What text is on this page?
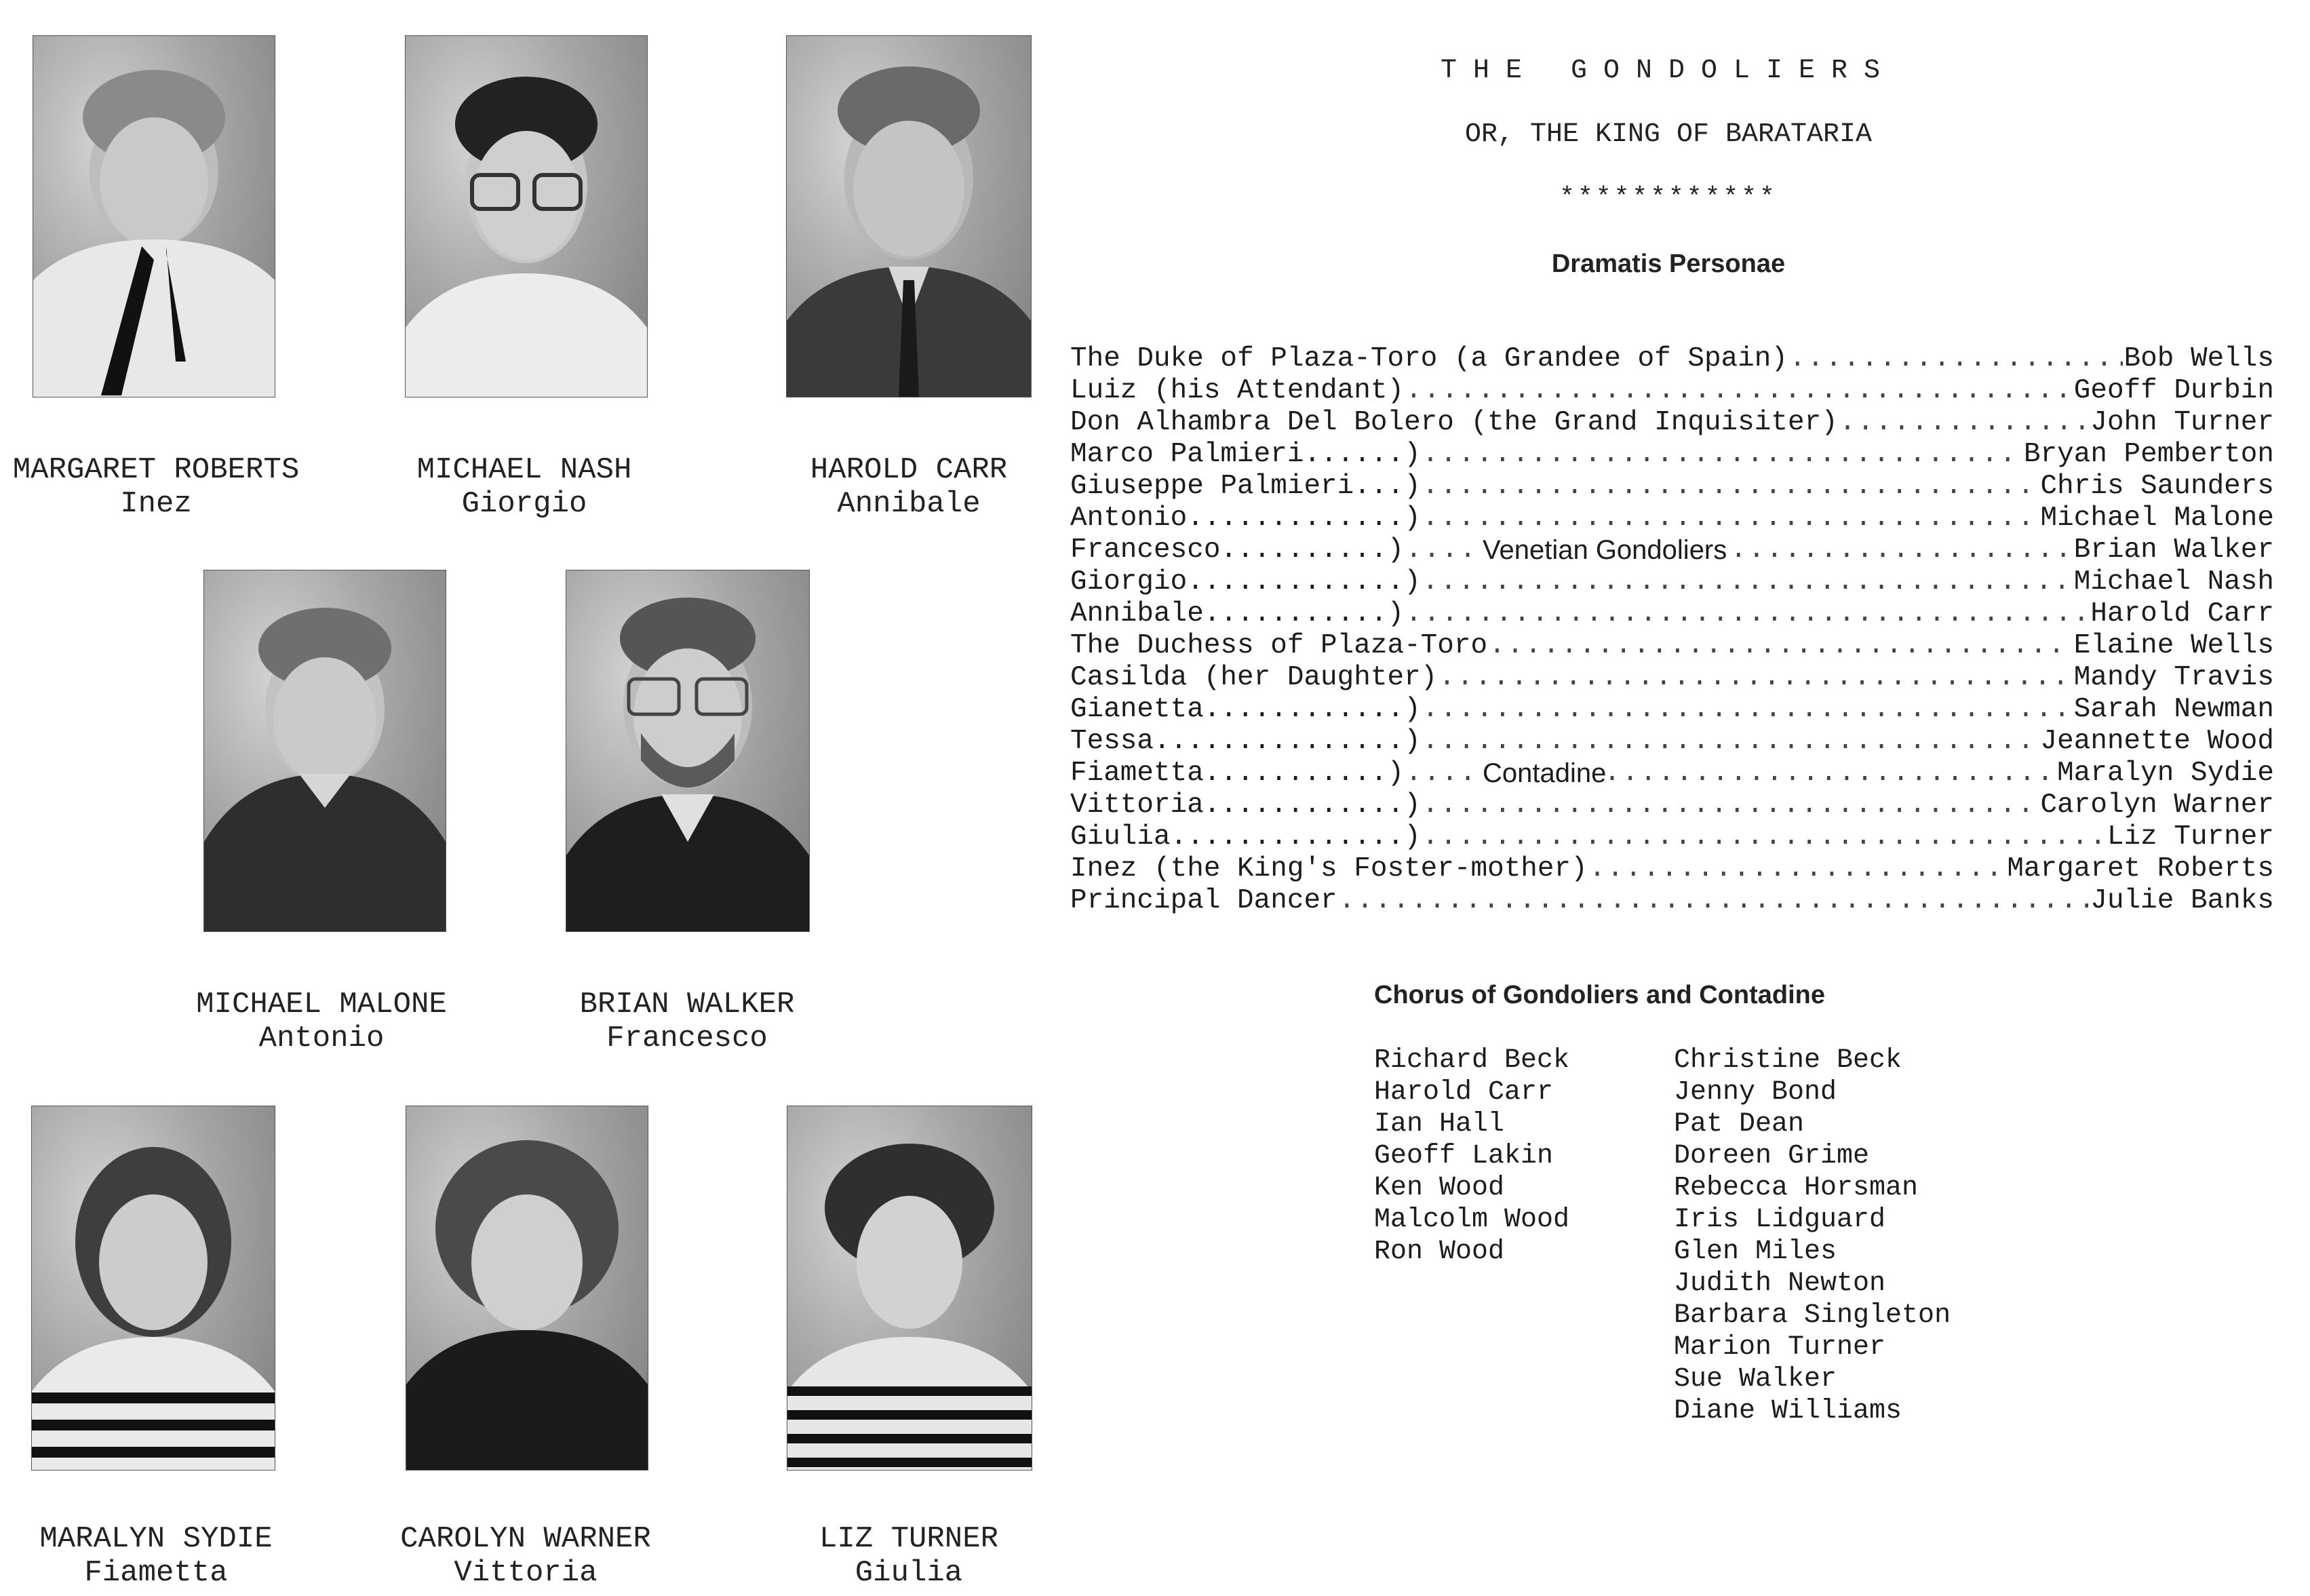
MARGARET ROBERTS
Inez
MICHAEL NASH
Giorgio
HAROLD CARR
Annibale
MICHAEL MALONE
Antonio
BRIAN WALKER
Francesco
MARALYN SYDIE
Fiametta
CAROLYN WARNER
Vittoria
LIZ TURNER
Giulia
THE GONDOLIERS
OR, THE KING OF BARATARIA
************
Dramatis Personae
The Duke of Plaza-Toro (a Grandee of Spain) .....	Bob Wells
Luiz (his Attendant) .....	Geoff Durbin
Don Alhambra Del Bolero (the Grand Inquisiter) .....	John Turner
Marco Palmieri......) .....	Bryan Pemberton
Giuseppe Palmieri...) .....	Chris Saunders
Antonio.............) .....	Michael Malone
Francesco..........) .....	Brian Walker
Venetian Gondoliers
Giorgio.............) .....	Michael Nash
Annibale...........) .....	Harold Carr
The Duchess of Plaza-Toro .....	Elaine Wells
Casilda (her Daughter) .....	Mandy Travis
Gianetta............) .....	Sarah Newman
Tessa...............) .....	Jeannette Wood
Fiametta...........) .....	Maralyn Sydie
Contadine
Vittoria............) .....	Carolyn Warner
Giulia..............) .....	Liz Turner
Inez (the King's Foster-mother) .....	Margaret Roberts
Principal Dancer .....	Julie Banks
Chorus of Gondoliers and Contadine
Richard Beck
Harold Carr
Ian Hall
Geoff Lakin
Ken Wood
Malcolm Wood
Ron Wood
Christine Beck
Jenny Bond
Pat Dean
Doreen Grime
Rebecca Horsman
Iris Lidguard
Glen Miles
Judith Newton
Barbara Singleton
Marion Turner
Sue Walker
Diane Williams
